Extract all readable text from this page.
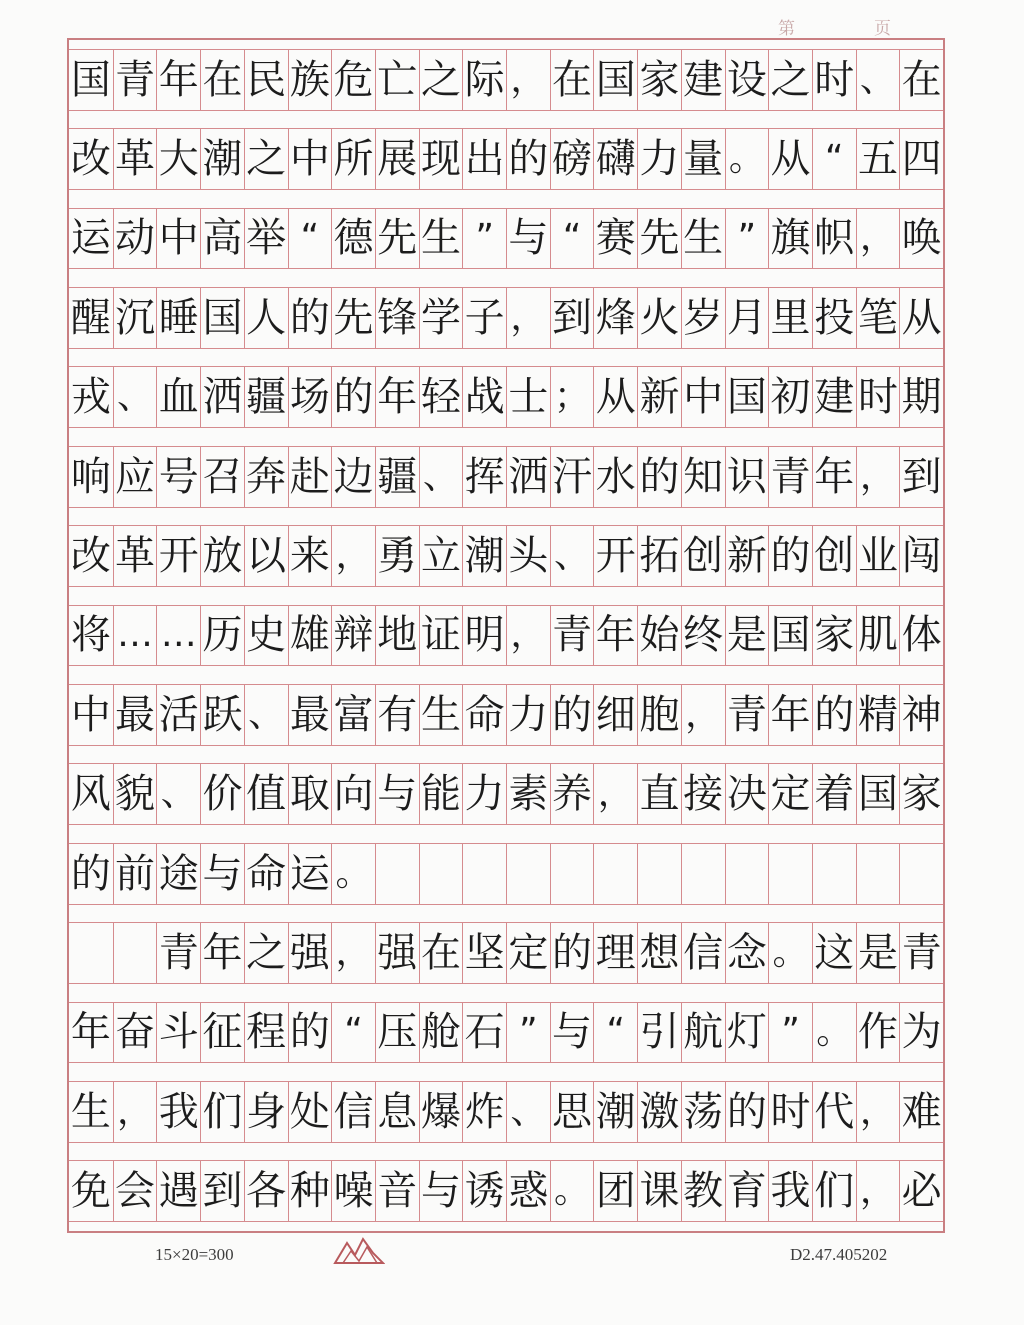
第	页
国 青 年 在 民 族 危 亡 之 际 ， 在 国 家 建 设 之 时 、 在
改 革 大 潮 之 中 所 展 现 出 的 磅 礴 力 量 。 从 “ 五 四
运 动 中 高 举 “ 德 先 生 ” 与 “ 赛 先 生 ” 旗 帜 ， 唤
醒 沉 睡 国 人 的 先 锋 学 子 ， 到 烽 火 岁 月 里 投 笔 从
戎 、 血 洒 疆 场 的 年 轻 战 士 ； 从 新 中 国 初 建 时 期
响 应 号 召 奔 赴 边 疆 、 挥 洒 汗 水 的 知 识 青 年 ， 到
改 革 开 放 以 来 ， 勇 立 潮 头 、 开 拓 创 新 的 创 业 闯
将 … … 历 史 雄 辩 地 证 明 ， 青 年 始 终 是 国 家 肌 体
中 最 活 跃 、 最 富 有 生 命 力 的 细 胞 ， 青 年 的 精 神
风 貌 、 价 值 取 向 与 能 力 素 养 ， 直 接 决 定 着 国 家
的 前 途 与 命 运 。
青 年 之 强 ， 强 在 坚 定 的 理 想 信 念 。 这 是 青
年 奋 斗 征 程 的 “ 压 舱 石 ” 与 “ 引 航 灯 ” 。 作 为
生 ， 我 们 身 处 信 息 爆 炸 、 思 潮 激 荡 的 时 代 ， 难
免 会 遇 到 各 种 噪 音 与 诱 惑 。 团 课 教 育 我 们 ， 必
15×20=300	D2.47.405202
